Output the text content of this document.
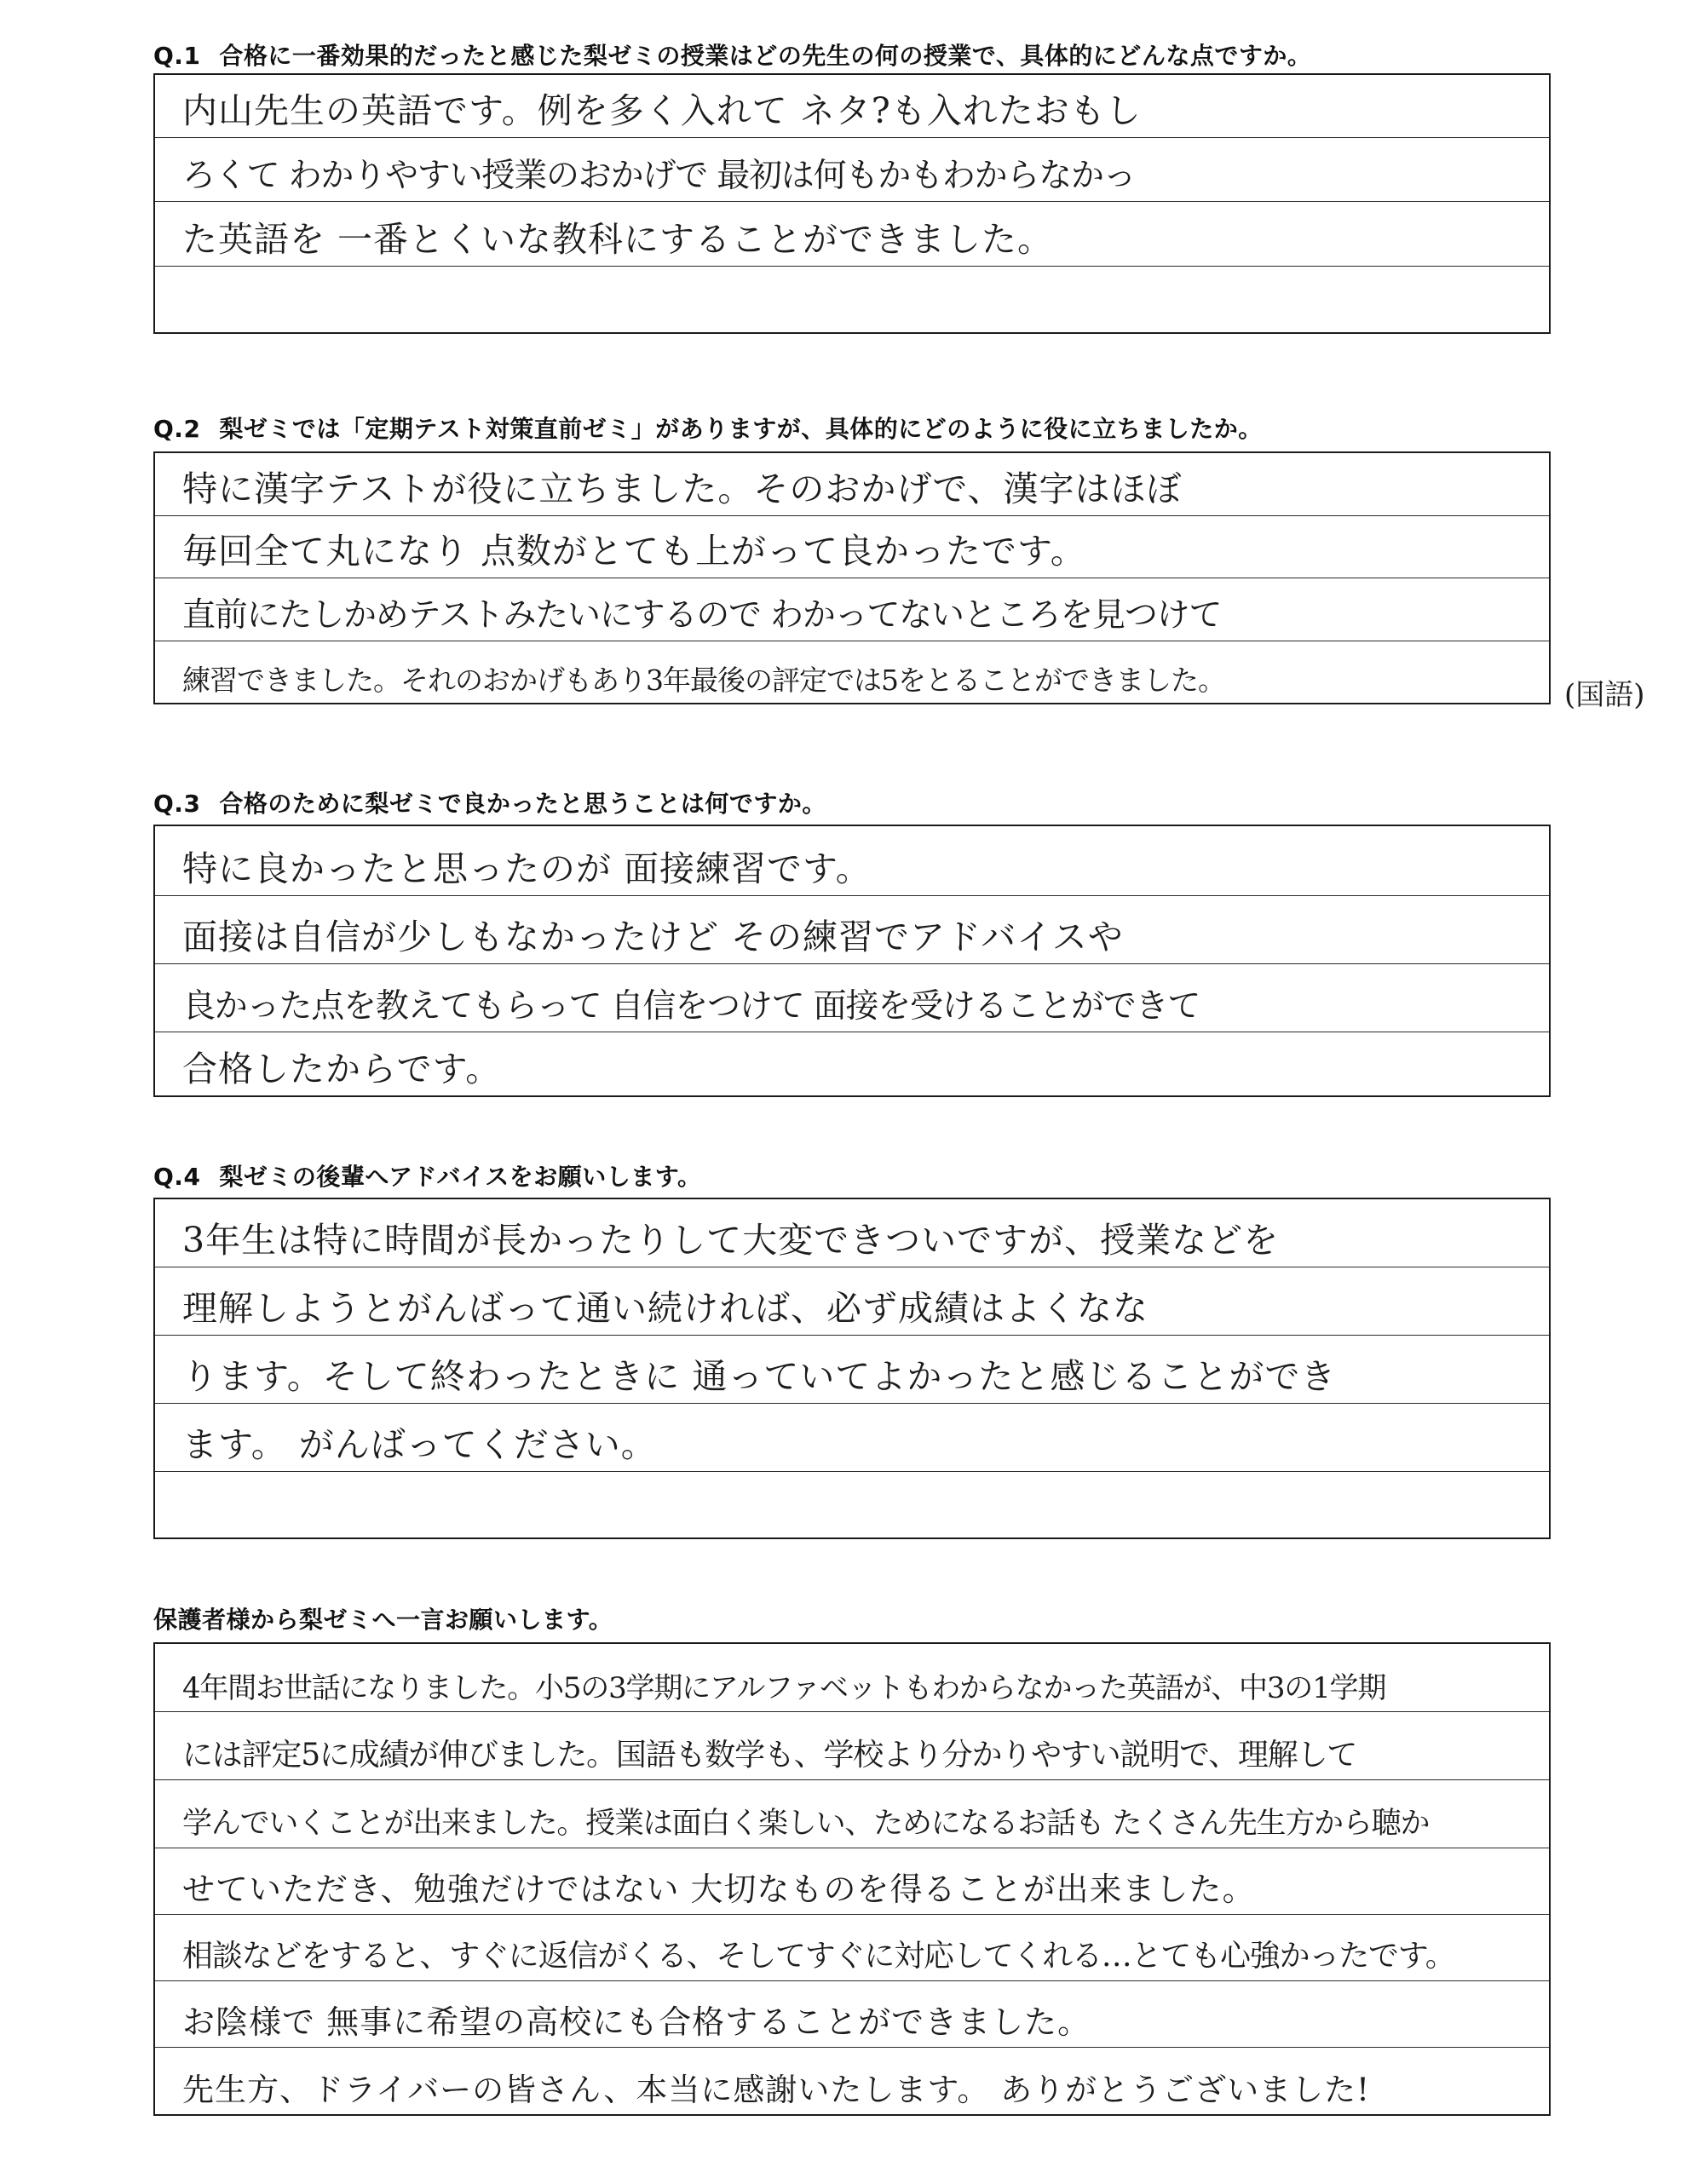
Q.1 合格に一番効果的だったと感じた梨ゼミの授業はどの先生の何の授業で、具体的にどんな点ですか。
内山先生の英語です。例を多く入れて ネタ?も入れたおもし
ろくて わかりやすい授業のおかげで 最初は何もかもわからなかっ
た英語を 一番とくいな教科にすることができました。
Q.2 梨ゼミでは「定期テスト対策直前ゼミ」がありますが、具体的にどのように役に立ちましたか。
特に漢字テストが役に立ちました。そのおかげで、漢字はほぼ
毎回全て丸になり 点数がとても上がって良かったです。
直前にたしかめテストみたいにするので わかってないところを見つけて
練習できました。それのおかげもあり3年最後の評定では5をとることができました。	(国語)
Q.3 合格のために梨ゼミで良かったと思うことは何ですか。
特に良かったと思ったのが 面接練習です。
面接は自信が少しもなかったけど その練習でアドバイスや
良かった点を教えてもらって 自信をつけて 面接を受けることができて
合格したからです。
Q.4 梨ゼミの後輩へアドバイスをお願いします。
3年生は特に時間が長かったりして大変できついですが、授業などを
理解しようとがんばって通い続ければ、必ず成績はよくなな
ります。そして終わったときに 通っていてよかったと感じることができ
ます。 がんばってください。
保護者様から梨ゼミへ一言お願いします。
4年間お世話になりました。小5の3学期にアルファベットもわからなかった英語が、中3の1学期
には評定5に成績が伸びました。国語も数学も、学校より分かりやすい説明で、理解して
学んでいくことが出来ました。授業は面白く楽しい、ためになるお話も たくさん先生方から聴か
せていただき、勉強だけではない 大切なものを得ることが出来ました。
相談などをすると、すぐに返信がくる、そしてすぐに対応してくれる…とても心強かったです。
お陰様で 無事に希望の高校にも合格することができました。
先生方、ドライバーの皆さん、本当に感謝いたします。 ありがとうございました!
